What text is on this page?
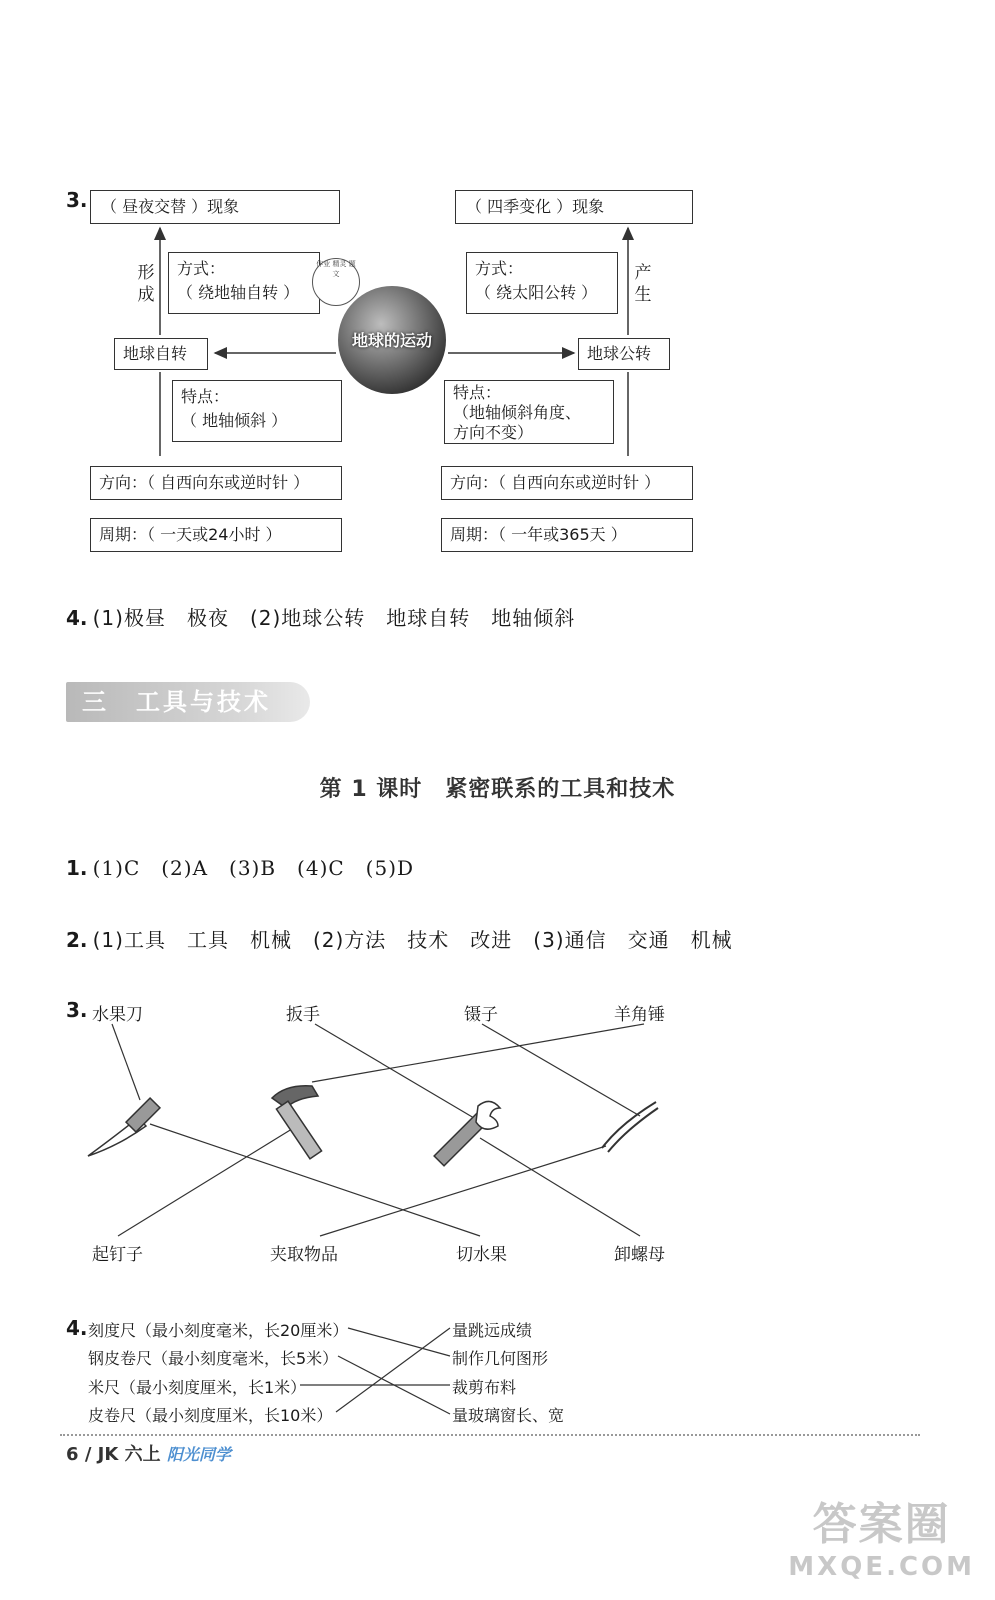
3. （ 昼夜交替 ）现象	（ 四季变化 ）现象
形
成
产
生
方式：
（ 绕地轴自转 ）
方式：
（ 绕太阳公转 ）
作业 精灵 题文
地球的运动
地球自转	地球公转
特点：
（ 地轴倾斜 ）
特点：
（地轴倾斜角度、
方向不变）
方向：（ 自西向东或逆时针 ）	方向：（ 自西向东或逆时针 ）
周期：（ 一天或24小时 ）	周期：（ 一年或365天 ）
4. (1)极昼　极夜　(2)地球公转　地球自转　地轴倾斜
三　工具与技术
第 1 课时　紧密联系的工具和技术
1. (1)C　(2)A　(3)B　(4)C　(5)D
2. (1)工具　工具　机械　(2)方法　技术　改进　(3)通信　交通　机械
3. 水果刀	扳手	镊子	羊角锤
起钉子	夹取物品	切水果	卸螺母
4. 刻度尺（最小刻度毫米，长20厘米）
钢皮卷尺（最小刻度毫米，长5米）
米尺（最小刻度厘米，长1米）
皮卷尺（最小刻度厘米，长10米）
量跳远成绩
制作几何图形
裁剪布料
量玻璃窗长、宽
6 / JK 六上 阳光同学
答案圈
MXQE.COM
